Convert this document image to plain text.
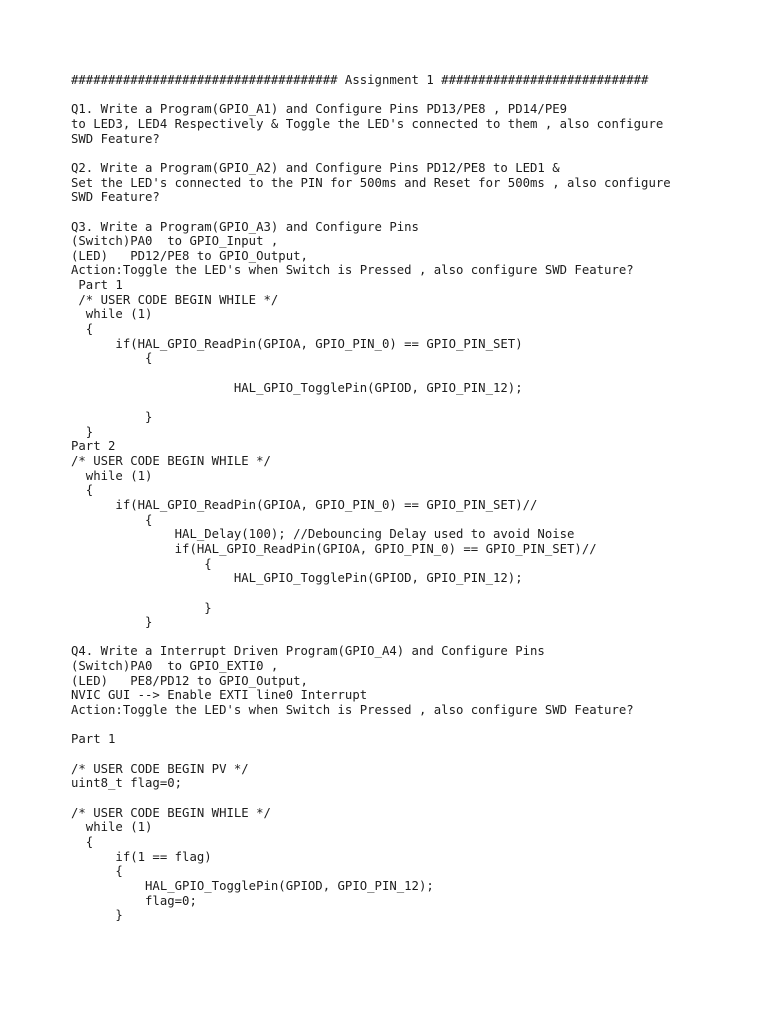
#################################### Assignment 1 ############################
Q1. Write a Program(GPIO_A1) and Configure Pins PD13/PE8 , PD14/PE9
to LED3, LED4 Respectively & Toggle the LED's connected to them , also configure
SWD Feature?
Q2. Write a Program(GPIO_A2) and Configure Pins PD12/PE8 to LED1 &
Set the LED's connected to the PIN for 500ms and Reset for 500ms , also configure
SWD Feature?
Q3. Write a Program(GPIO_A3) and Configure Pins
(Switch)PA0  to GPIO_Input ,
(LED)   PD12/PE8 to GPIO_Output,
Action:Toggle the LED's when Switch is Pressed , also configure SWD Feature?
Part 1
/* USER CODE BEGIN WHILE */
while (1)
{
if(HAL_GPIO_ReadPin(GPIOA, GPIO_PIN_0) == GPIO_PIN_SET)
{
HAL_GPIO_TogglePin(GPIOD, GPIO_PIN_12);
}
}
Part 2
/* USER CODE BEGIN WHILE */
while (1)
{
if(HAL_GPIO_ReadPin(GPIOA, GPIO_PIN_0) == GPIO_PIN_SET)//
{
HAL_Delay(100); //Debouncing Delay used to avoid Noise
if(HAL_GPIO_ReadPin(GPIOA, GPIO_PIN_0) == GPIO_PIN_SET)//
{
HAL_GPIO_TogglePin(GPIOD, GPIO_PIN_12);
}
}
Q4. Write a Interrupt Driven Program(GPIO_A4) and Configure Pins
(Switch)PA0  to GPIO_EXTI0 ,
(LED)   PE8/PD12 to GPIO_Output,
NVIC GUI --> Enable EXTI line0 Interrupt
Action:Toggle the LED's when Switch is Pressed , also configure SWD Feature?
Part 1
/* USER CODE BEGIN PV */
uint8_t flag=0;
/* USER CODE BEGIN WHILE */
while (1)
{
if(1 == flag)
{
HAL_GPIO_TogglePin(GPIOD, GPIO_PIN_12);
flag=0;
}
